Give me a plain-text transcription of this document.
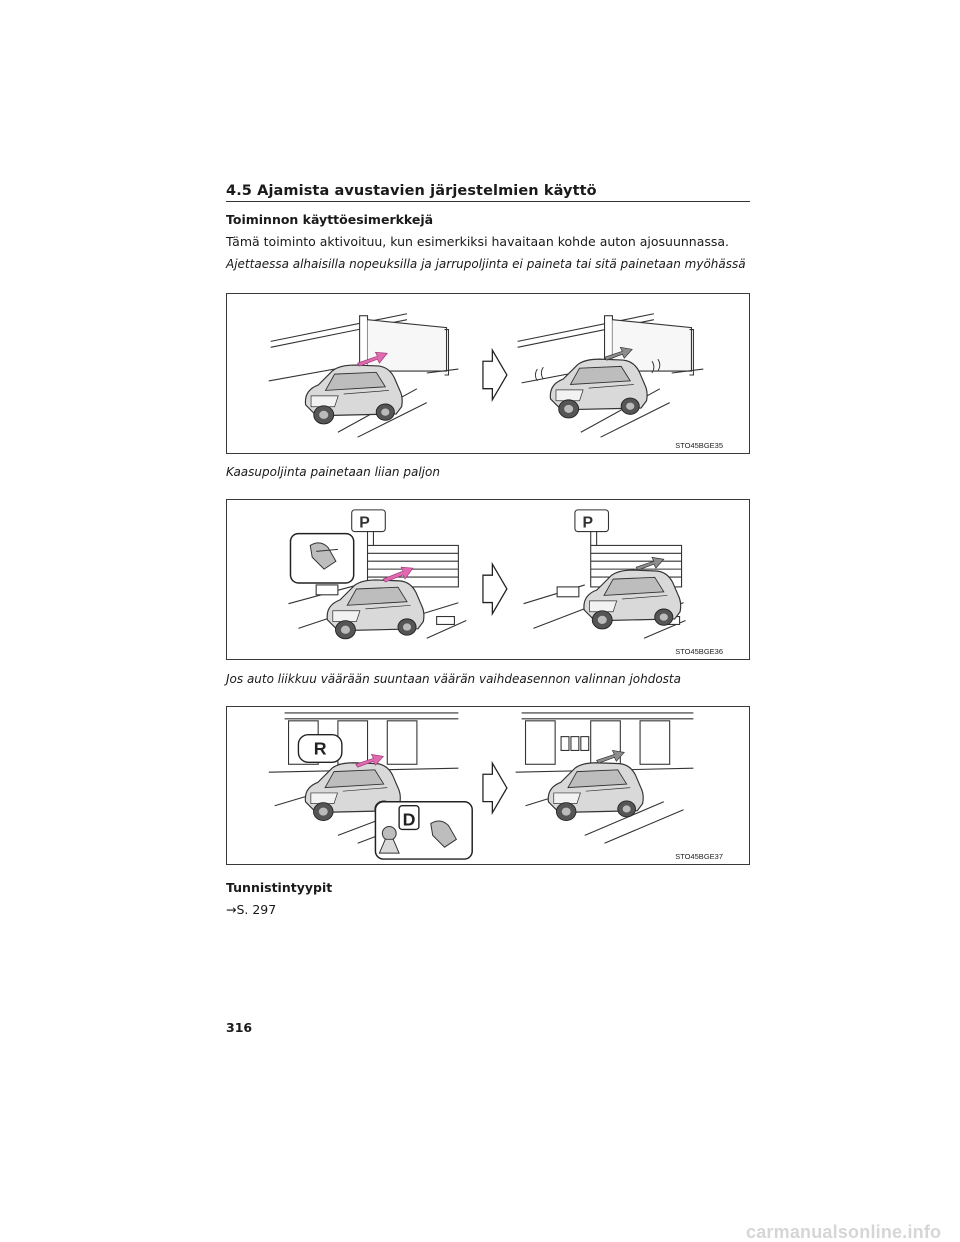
4.5 Ajamista avustavien järjestelmien käyttö
Toiminnon käyttöesimerkkejä
Tämä toiminto aktivoituu, kun esimerkiksi havaitaan kohde auton ajosuunnassa.
Ajettaessa alhaisilla nopeuksilla ja jarrupoljinta ei paineta tai sitä painetaan myöhässä
STO45BGE35
Kaasupoljinta painetaan liian paljon
P	P
STO45BGE36
Jos auto liikkuu väärään suuntaan väärän vaihdeasennon valinnan johdosta
R
D
STO45BGE37
Tunnistintyypit
→S. 297
316
carmanualsonline.info
